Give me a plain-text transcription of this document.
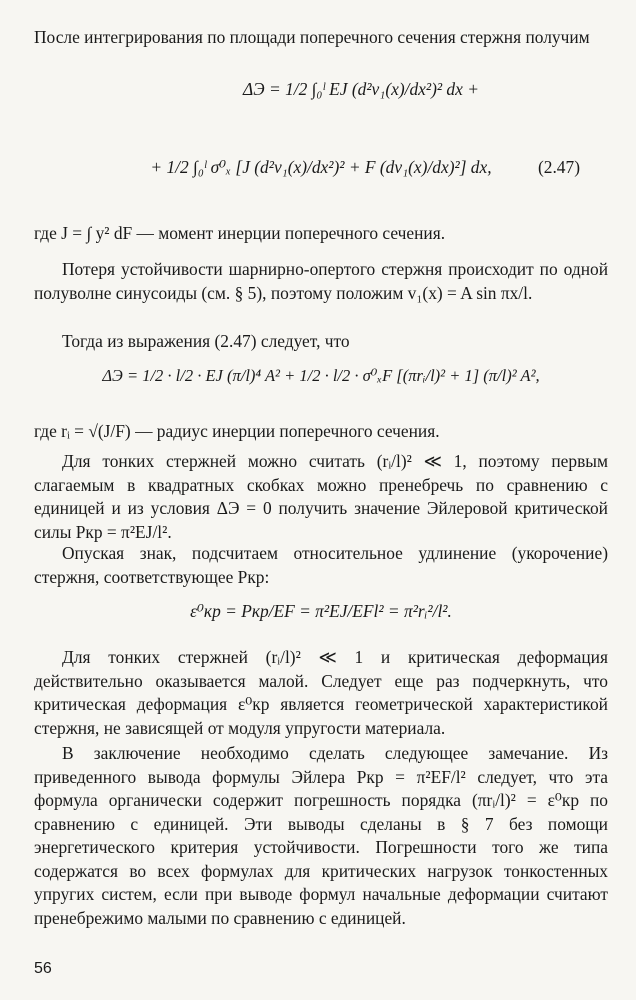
После интегрирования по площади поперечного сечения стержня получим

ΔЭ = 1/2 ∫₀ˡ EJ (d²v₁(x)/dx²)² dx +
+ 1/2 ∫₀ˡ σ⁰ₓ [J (d²v₁(x)/dx²)² + F (dv₁(x)/dx)²] dx,	(2.47)

где J = ∫ y² dF — момент инерции поперечного сечения.

Потеря устойчивости шарнирно-опертого стержня происходит по одной полуволне синусоиды (см. § 5), поэтому положим v₁(x) = A sin πx/l.

Тогда из выражения (2.47) следует, что

ΔЭ = 1/2 · l/2 · EJ (π/l)⁴ A² + 1/2 · l/2 · σ⁰ₓF [(πrᵢ/l)² + 1] (π/l)² A²,

где rᵢ = √(J/F) — радиус инерции поперечного сечения.

Для тонких стержней можно считать (rᵢ/l)² ≪ 1, поэтому первым слагаемым в квадратных скобках можно пренебречь по сравнению с единицей и из условия ΔЭ = 0 получить значение Эйлеровой критической силы Pкр = π²EJ/l².

Опуская знак, подсчитаем относительное удлинение (укорочение) стержня, соответствующее Pкр:

ε⁰кр = Pкр/EF = π²EJ/EFl² = π²rᵢ²/l².

Для тонких стержней (rᵢ/l)² ≪ 1 и критическая деформация действительно оказывается малой. Следует еще раз подчеркнуть, что критическая деформация ε⁰кр является геометрической характеристикой стержня, не зависящей от модуля упругости материала.

В заключение необходимо сделать следующее замечание. Из приведенного вывода формулы Эйлера Pкр = π²EF/l² следует, что эта формула органически содержит погрешность порядка (πrᵢ/l)² = ε⁰кр по сравнению с единицей. Эти выводы сделаны в § 7 без помощи энергетического критерия устойчивости. Погрешности того же типа содержатся во всех формулах для критических нагрузок тонкостенных упругих систем, если при выводе формул начальные деформации считают пренебрежимо малыми по сравнению с единицей.

56
